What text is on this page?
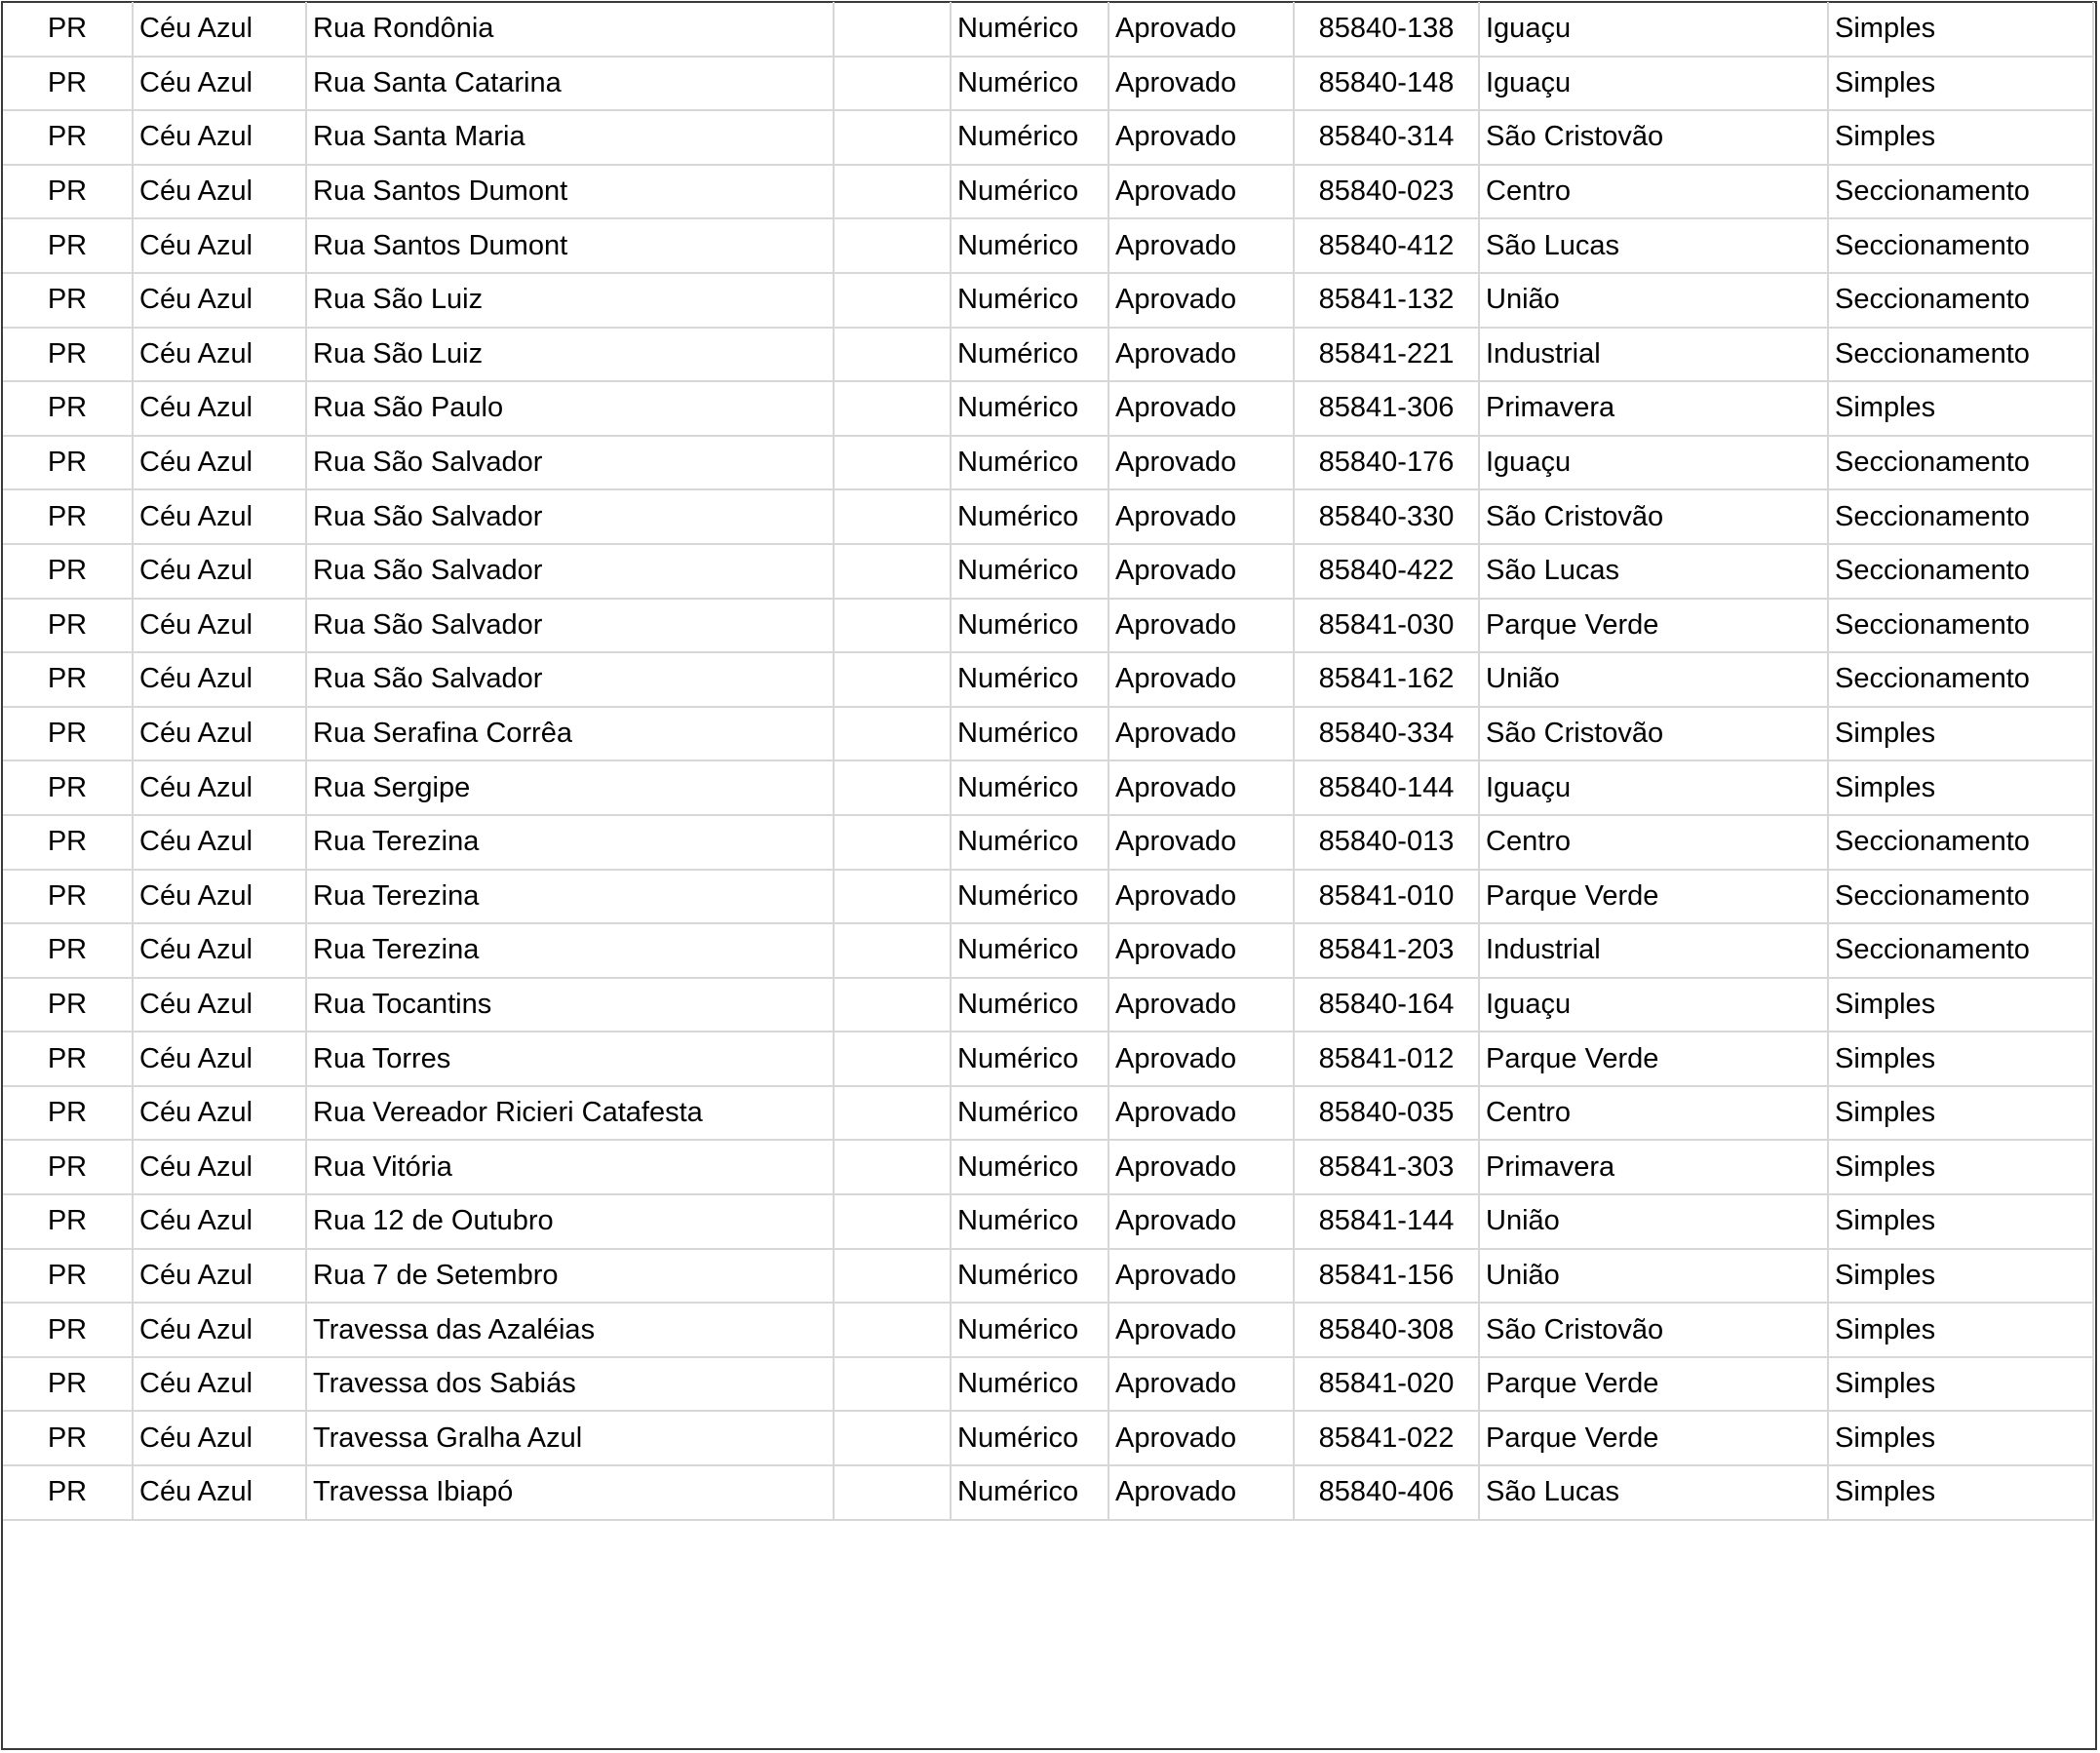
PR	Céu Azul	Rua Rondônia		Numérico	Aprovado	85840-138	Iguaçu	Simples
PR	Céu Azul	Rua Santa Catarina		Numérico	Aprovado	85840-148	Iguaçu	Simples
PR	Céu Azul	Rua Santa Maria		Numérico	Aprovado	85840-314	São Cristovão	Simples
PR	Céu Azul	Rua Santos Dumont		Numérico	Aprovado	85840-023	Centro	Seccionamento
PR	Céu Azul	Rua Santos Dumont		Numérico	Aprovado	85840-412	São Lucas	Seccionamento
PR	Céu Azul	Rua São Luiz		Numérico	Aprovado	85841-132	União	Seccionamento
PR	Céu Azul	Rua São Luiz		Numérico	Aprovado	85841-221	Industrial	Seccionamento
PR	Céu Azul	Rua São Paulo		Numérico	Aprovado	85841-306	Primavera	Simples
PR	Céu Azul	Rua São Salvador		Numérico	Aprovado	85840-176	Iguaçu	Seccionamento
PR	Céu Azul	Rua São Salvador		Numérico	Aprovado	85840-330	São Cristovão	Seccionamento
PR	Céu Azul	Rua São Salvador		Numérico	Aprovado	85840-422	São Lucas	Seccionamento
PR	Céu Azul	Rua São Salvador		Numérico	Aprovado	85841-030	Parque Verde	Seccionamento
PR	Céu Azul	Rua São Salvador		Numérico	Aprovado	85841-162	União	Seccionamento
PR	Céu Azul	Rua Serafina Corrêa		Numérico	Aprovado	85840-334	São Cristovão	Simples
PR	Céu Azul	Rua Sergipe		Numérico	Aprovado	85840-144	Iguaçu	Simples
PR	Céu Azul	Rua Terezina		Numérico	Aprovado	85840-013	Centro	Seccionamento
PR	Céu Azul	Rua Terezina		Numérico	Aprovado	85841-010	Parque Verde	Seccionamento
PR	Céu Azul	Rua Terezina		Numérico	Aprovado	85841-203	Industrial	Seccionamento
PR	Céu Azul	Rua Tocantins		Numérico	Aprovado	85840-164	Iguaçu	Simples
PR	Céu Azul	Rua Torres		Numérico	Aprovado	85841-012	Parque Verde	Simples
PR	Céu Azul	Rua Vereador Ricieri Catafesta		Numérico	Aprovado	85840-035	Centro	Simples
PR	Céu Azul	Rua Vitória		Numérico	Aprovado	85841-303	Primavera	Simples
PR	Céu Azul	Rua 12 de Outubro		Numérico	Aprovado	85841-144	União	Simples
PR	Céu Azul	Rua 7 de Setembro		Numérico	Aprovado	85841-156	União	Simples
PR	Céu Azul	Travessa das Azaléias		Numérico	Aprovado	85840-308	São Cristovão	Simples
PR	Céu Azul	Travessa dos Sabiás		Numérico	Aprovado	85841-020	Parque Verde	Simples
PR	Céu Azul	Travessa Gralha Azul		Numérico	Aprovado	85841-022	Parque Verde	Simples
PR	Céu Azul	Travessa Ibiapó		Numérico	Aprovado	85840-406	São Lucas	Simples
